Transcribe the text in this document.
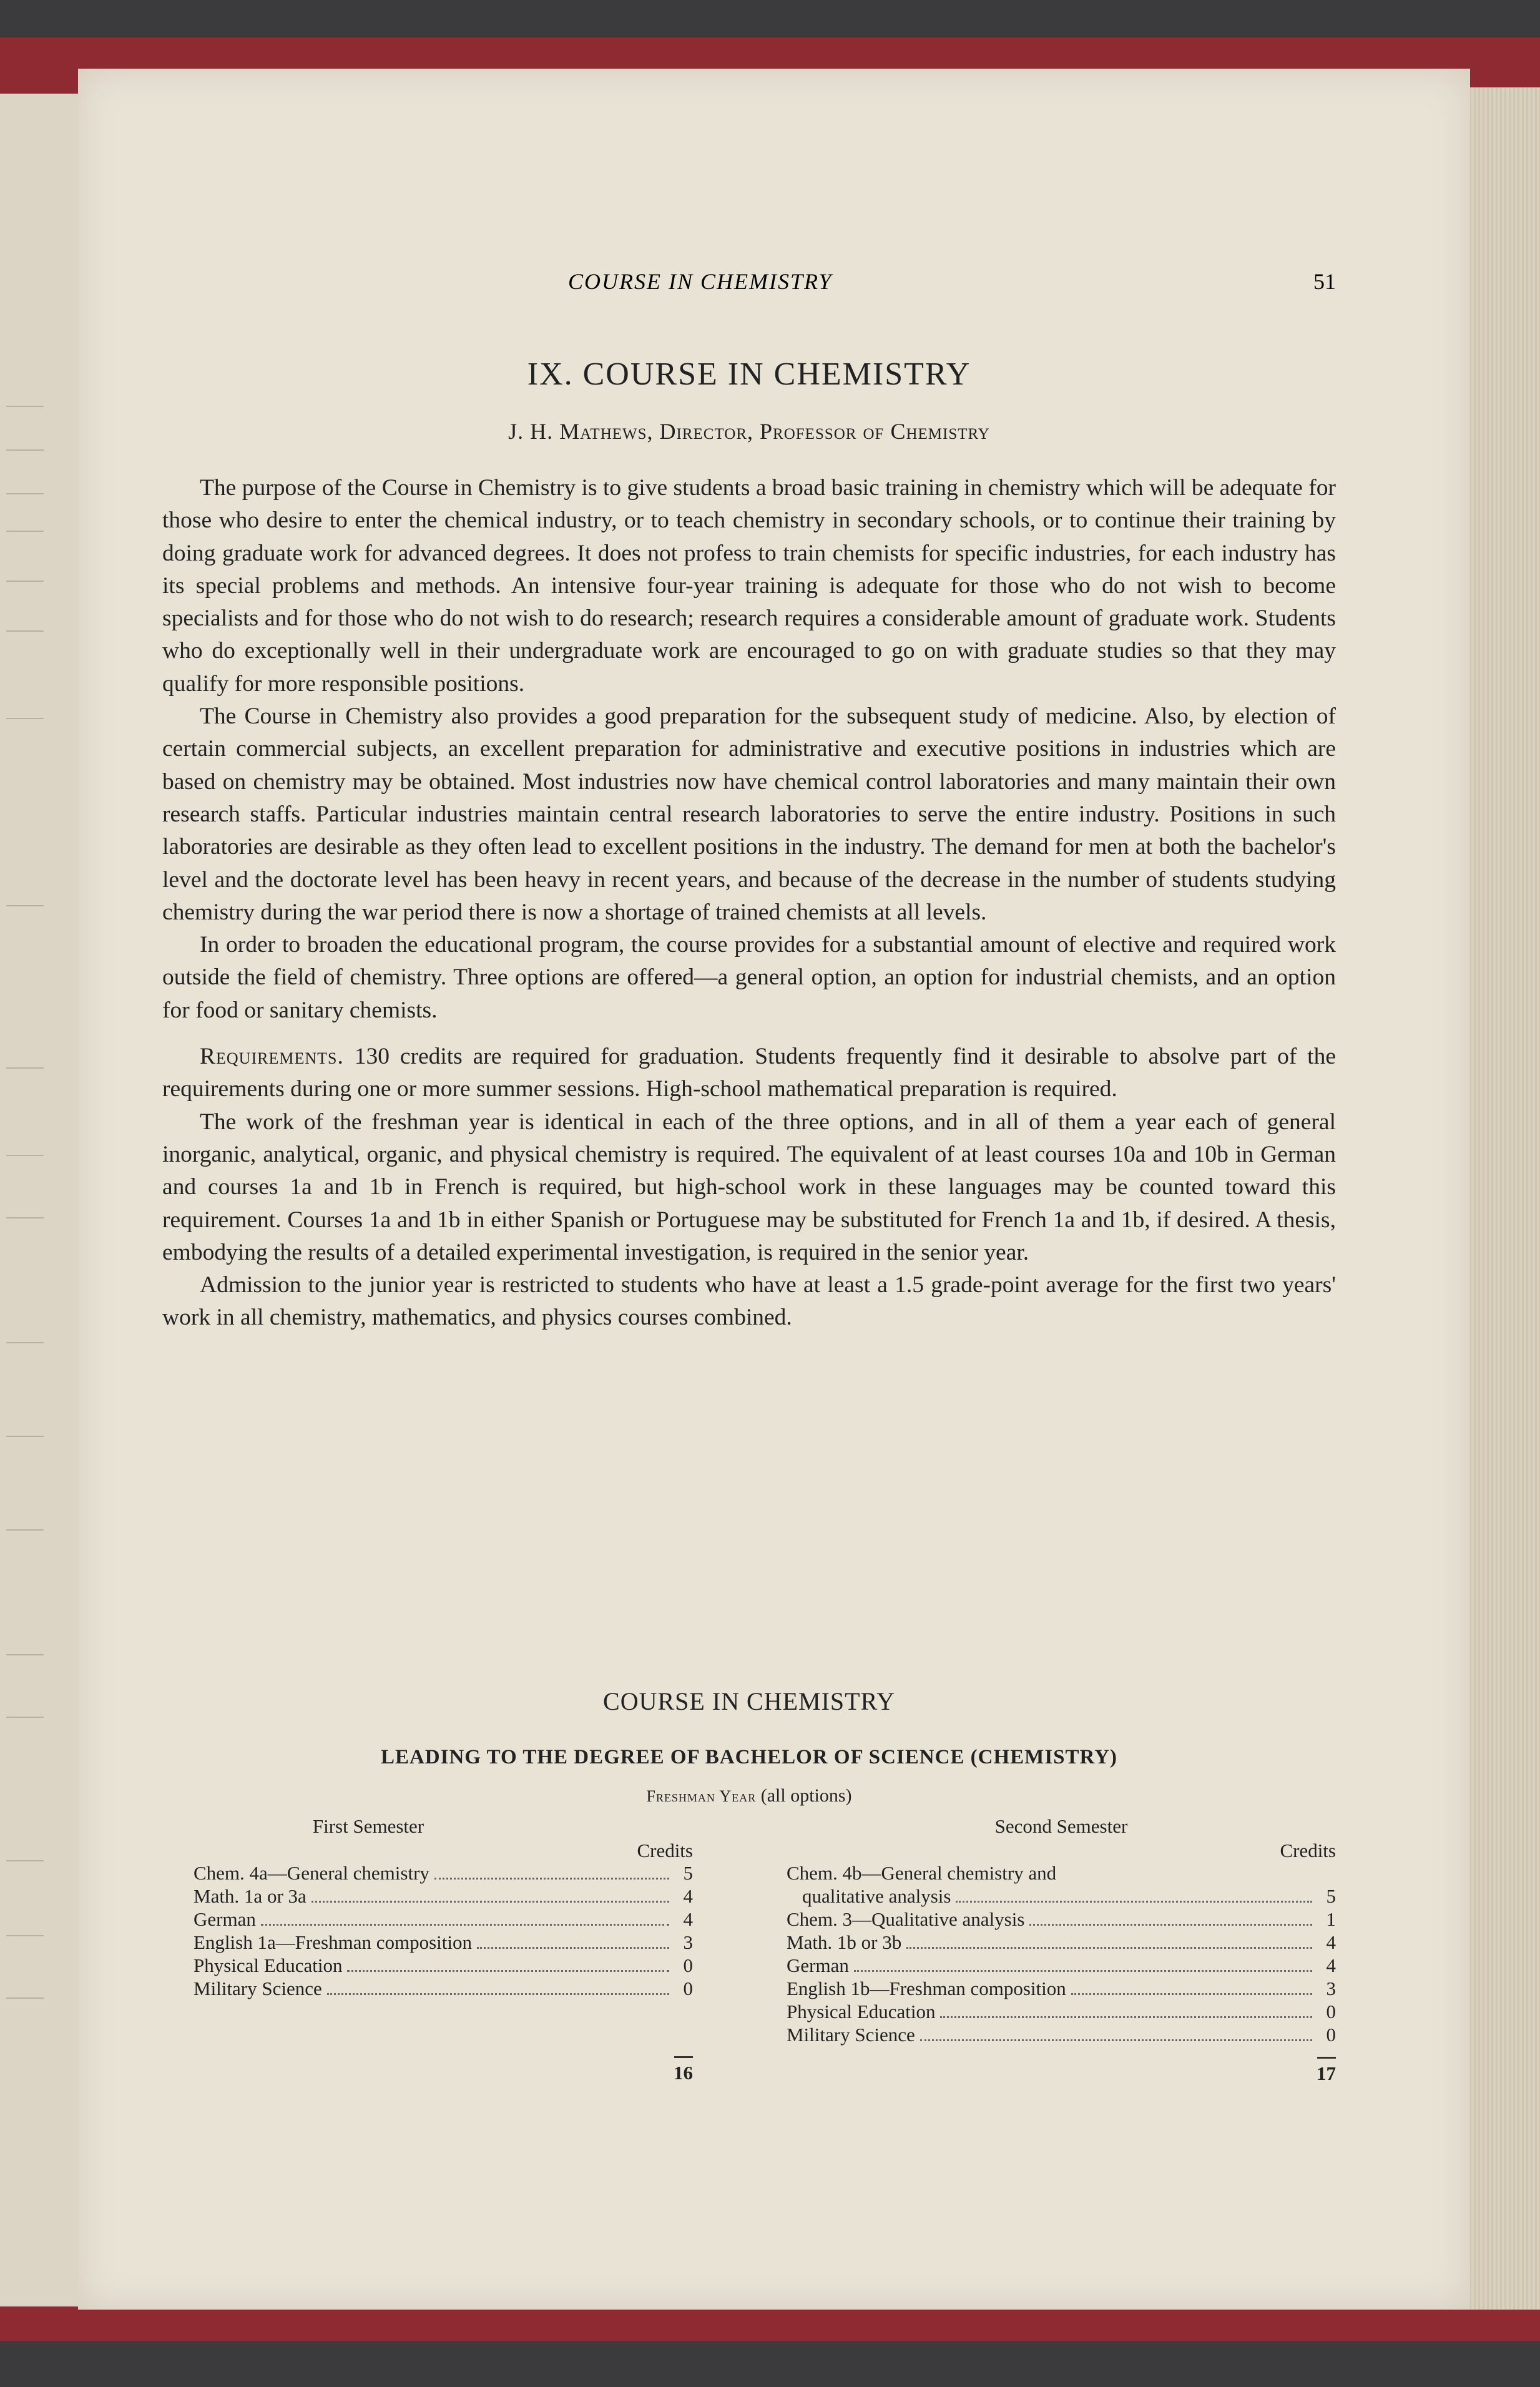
COURSE IN CHEMISTRY	51
IX. COURSE IN CHEMISTRY
J. H. Mathews, Director, Professor of Chemistry

The purpose of the Course in Chemistry is to give students a broad basic training in chemistry which will be adequate for those who desire to enter the chemical industry, or to teach chemistry in secondary schools, or to continue their training by doing graduate work for advanced degrees. It does not profess to train chemists for specific industries, for each industry has its special problems and methods. An intensive four-year training is adequate for those who do not wish to become specialists and for those who do not wish to do research; research requires a considerable amount of graduate work. Students who do exceptionally well in their undergraduate work are encouraged to go on with graduate studies so that they may qualify for more responsible positions.

The Course in Chemistry also provides a good preparation for the subsequent study of medicine. Also, by election of certain commercial subjects, an excellent preparation for administrative and executive positions in industries which are based on chemistry may be obtained. Most industries now have chemical control laboratories and many maintain their own research staffs. Particular industries maintain central research laboratories to serve the entire industry. Positions in such laboratories are desirable as they often lead to excellent positions in the industry. The demand for men at both the bachelor's level and the doctorate level has been heavy in recent years, and because of the decrease in the number of students studying chemistry during the war period there is now a shortage of trained chemists at all levels.

In order to broaden the educational program, the course provides for a substantial amount of elective and required work outside the field of chemistry. Three options are offered—a general option, an option for industrial chemists, and an option for food or sanitary chemists.

Requirements. 130 credits are required for graduation. Students frequently find it desirable to absolve part of the requirements during one or more summer sessions. High-school mathematical preparation is required.

The work of the freshman year is identical in each of the three options, and in all of them a year each of general inorganic, analytical, organic, and physical chemistry is required. The equivalent of at least courses 10a and 10b in German and courses 1a and 1b in French is required, but high-school work in these languages may be counted toward this requirement. Courses 1a and 1b in either Spanish or Portuguese may be substituted for French 1a and 1b, if desired. A thesis, embodying the results of a detailed experimental investigation, is required in the senior year.

Admission to the junior year is restricted to students who have at least a 1.5 grade-point average for the first two years' work in all chemistry, mathematics, and physics courses combined.

COURSE IN CHEMISTRY
LEADING TO THE DEGREE OF BACHELOR OF SCIENCE (CHEMISTRY)
Freshman Year (all options)
First Semester
Credits
Chem. 4a—General chemistry	5
Math. 1a or 3a	4
German	4
English 1a—Freshman composition	3
Physical Education	0
Military Science	0
16
Second Semester
Credits
Chem. 4b—General chemistry and
qualitative analysis	5
Chem. 3—Qualitative analysis	1
Math. 1b or 3b	4
German	4
English 1b—Freshman composition	3
Physical Education	0
Military Science	0
17
